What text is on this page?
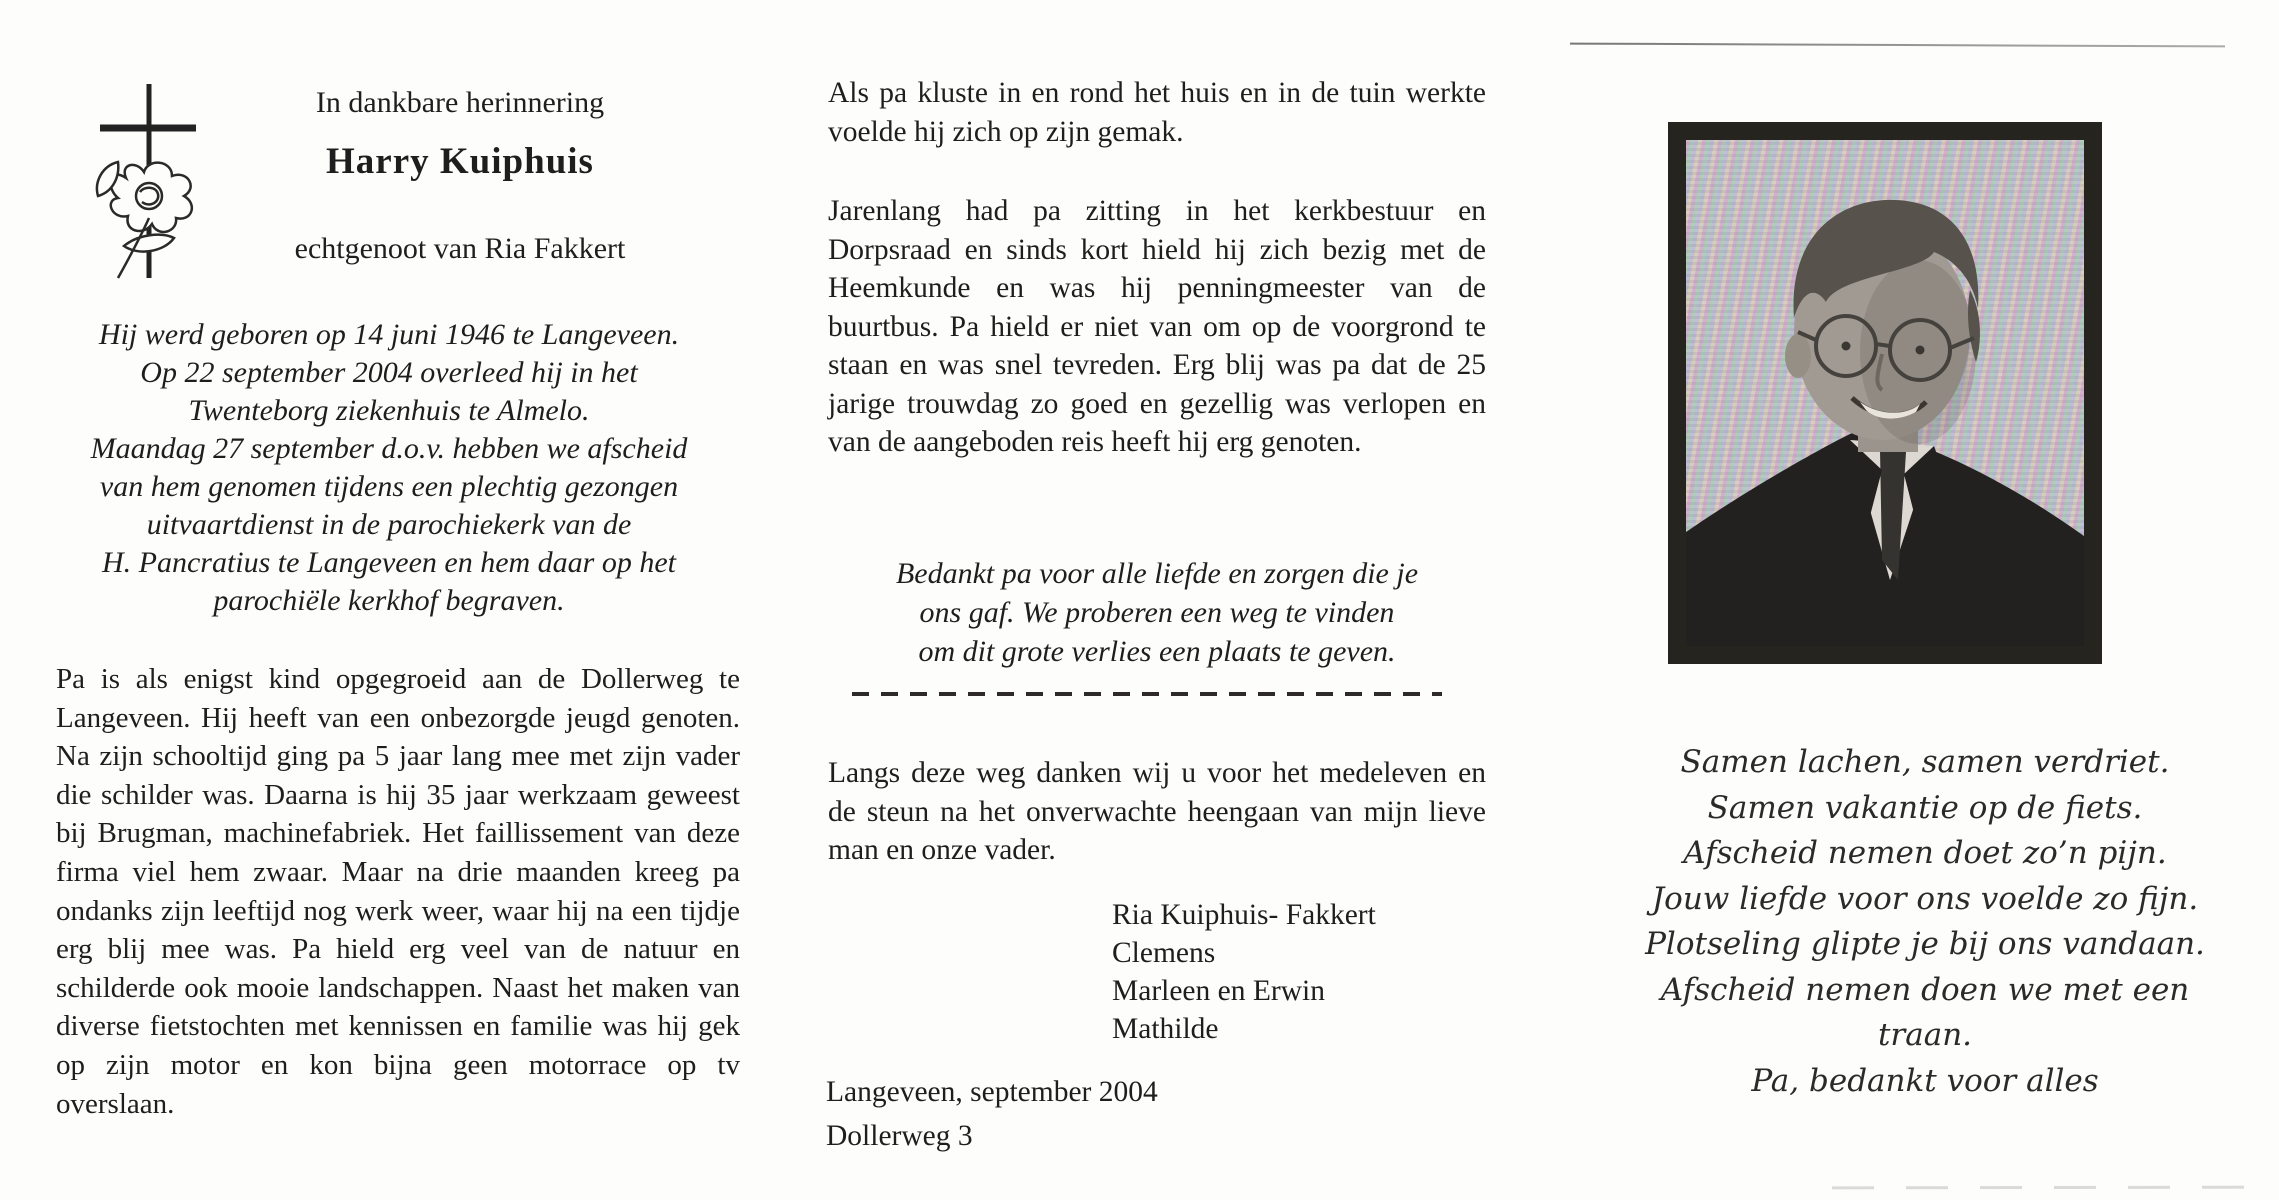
In dankbare herinnering
Harry Kuiphuis
echtgenoot van Ria Fakkert
Hij werd geboren op 14 juni 1946 te Langeveen.
Op 22 september 2004 overleed hij in het
Twenteborg ziekenhuis te Almelo.
Maandag 27 september d.o.v. hebben we afscheid
van hem genomen tijdens een plechtig gezongen
uitvaartdienst in de parochiekerk van de
H. Pancratius te Langeveen en hem daar op het
parochiële kerkhof begraven.

Pa is als enigst kind opgegroeid aan de Dollerweg te Langeveen. Hij heeft van een onbezorgde jeugd genoten. Na zijn schooltijd ging pa 5 jaar lang mee met zijn vader die schilder was. Daarna is hij 35 jaar werkzaam geweest bij Brugman, machinefabriek. Het faillissement van deze firma viel hem zwaar. Maar na drie maanden kreeg pa ondanks zijn leeftijd nog werk weer, waar hij na een tijdje erg blij mee was. Pa hield erg veel van de natuur en schilderde ook mooie landschappen. Naast het maken van diverse fietstochten met kennissen en familie was hij gek op zijn motor en kon bijna geen motorrace op tv overslaan.

Als pa kluste in en rond het huis en in de tuin werkte voelde hij zich op zijn gemak.

Jarenlang had pa zitting in het kerkbestuur en Dorpsraad en sinds kort hield hij zich bezig met de Heemkunde en was hij penningmeester van de buurtbus. Pa hield er niet van om op de voorgrond te staan en was snel tevreden. Erg blij was pa dat de 25 jarige trouwdag zo goed en gezellig was verlopen en van de aangeboden reis heeft hij erg genoten.

Bedankt pa voor alle liefde en zorgen die je
ons gaf. We proberen een weg te vinden
om dit grote verlies een plaats te geven.

Langs deze weg danken wij u voor het medeleven en de steun na het onverwachte heengaan van mijn lieve man en onze vader.

Ria Kuiphuis- Fakkert
Clemens
Marleen en Erwin
Mathilde
Langeveen, september 2004
Dollerweg 3
Samen lachen, samen verdriet.
Samen vakantie op de fiets.
Afscheid nemen doet zo’n pijn.
Jouw liefde voor ons voelde zo fijn.
Plotseling glipte je bij ons vandaan.
Afscheid nemen doen we met een traan.
Pa, bedankt voor alles
